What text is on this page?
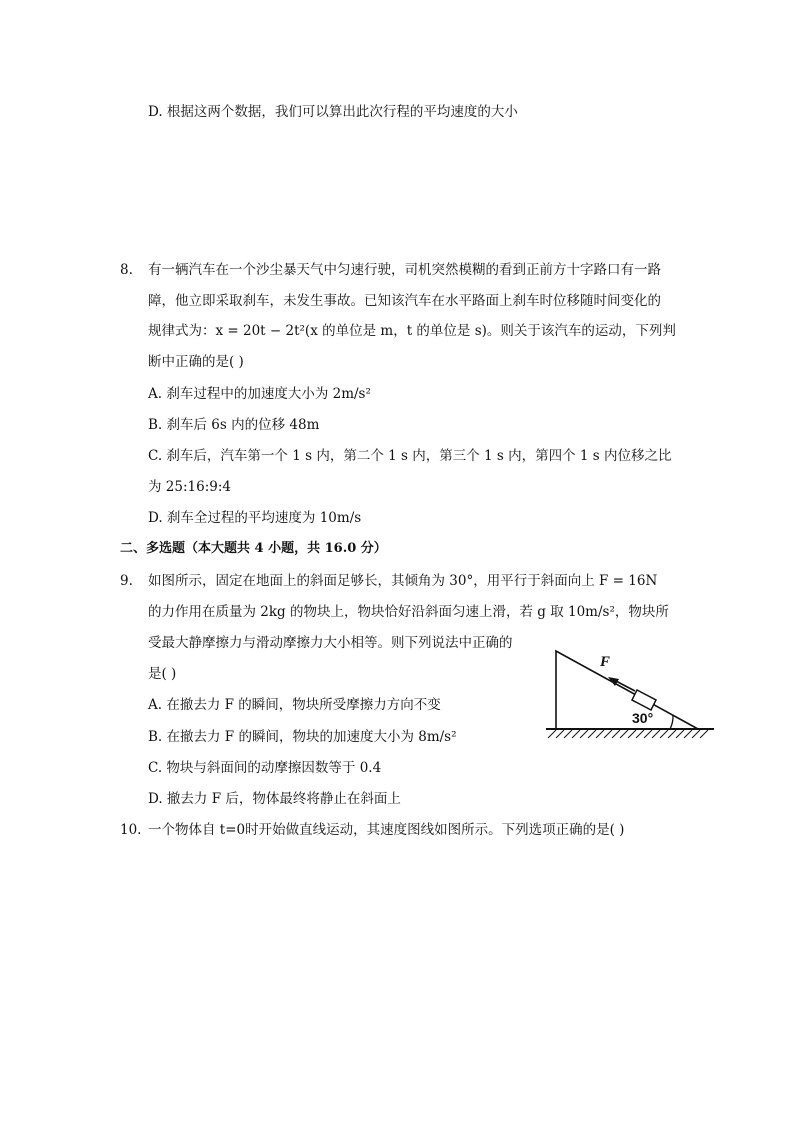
D. 根据这两个数据，我们可以算出此次行程的平均速度的大小
8. 有一辆汽车在一个沙尘暴天气中匀速行驶，司机突然模糊的看到正前方十字路口有一路
障，他立即采取刹车，未发生事故。已知该汽车在水平路面上刹车时位移随时间变化的
规律式为：x = 20t − 2t²(x 的单位是 m，t 的单位是 s)。则关于该汽车的运动，下列判
断中正确的是( )
A. 刹车过程中的加速度大小为 2m/s²
B. 刹车后 6s 内的位移 48m
C. 刹车后，汽车第一个 1 s 内，第二个 1 s 内，第三个 1 s 内，第四个 1 s 内位移之比
为 25:16:9:4
D. 刹车全过程的平均速度为 10m/s
二、多选题（本大题共 4 小题，共 16.0 分）
9. 如图所示，固定在地面上的斜面足够长，其倾角为 30°，用平行于斜面向上 F = 16N
的力作用在质量为 2kg 的物块上，物块恰好沿斜面匀速上滑，若 g 取 10m/s²，物块所
受最大静摩擦力与滑动摩擦力大小相等。则下列说法中正确的
是( )
A. 在撤去力 F 的瞬间，物块所受摩擦力方向不变
B. 在撤去力 F 的瞬间，物块的加速度大小为 8m/s²
C. 物块与斜面间的动摩擦因数等于 0.4
D. 撤去力 F 后，物体最终将静止在斜面上
F
30°
10. 一个物体自 t=0时开始做直线运动，其速度图线如图所示。下列选项正确的是( )
